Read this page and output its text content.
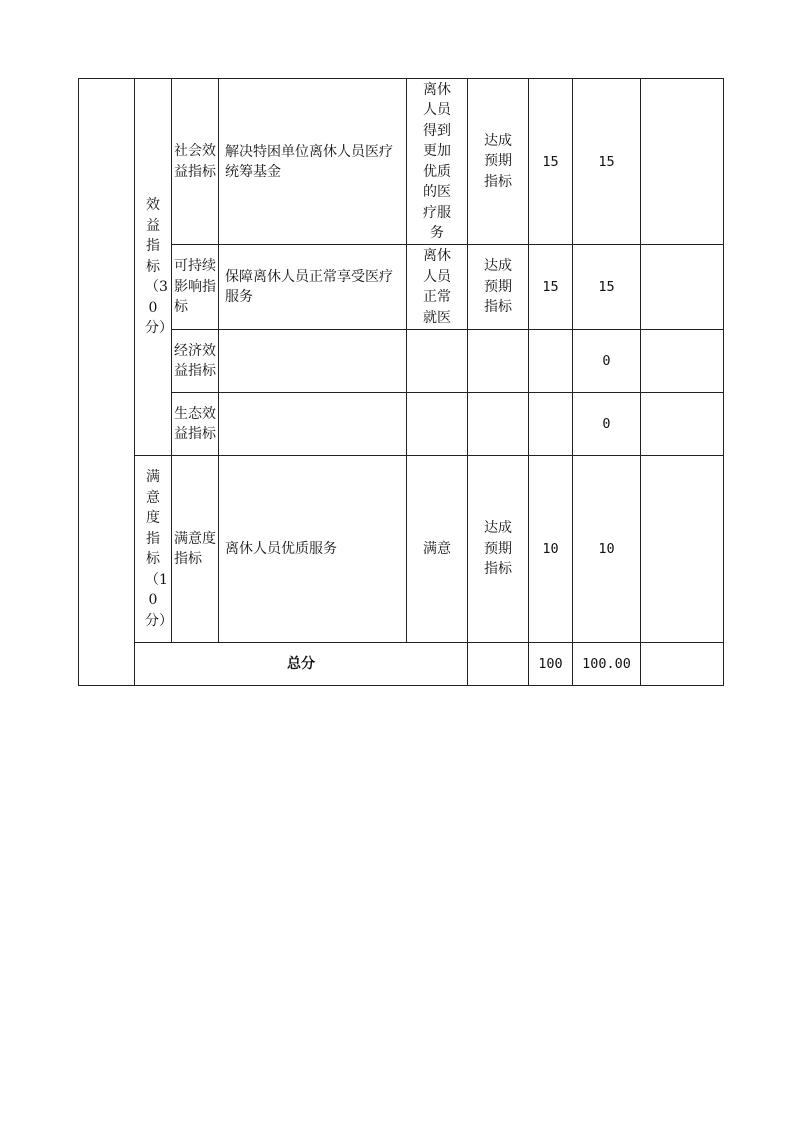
	效益指标（30分）	社会效益指标	解决特困单位离休人员医疗统筹基金	离休人员得到更加优质的医疗服务	达成预期指标	15	15	

		可持续影响指标	保障离休人员正常享受医疗服务	离休人员正常就医	达成预期指标	15	15	

		经济效益指标					0	

		生态效益指标					0	

	满意度指标（10分）	满意度指标	离休人员优质服务	满意	达成预期指标	10	10	
	总分					100	100.00	
